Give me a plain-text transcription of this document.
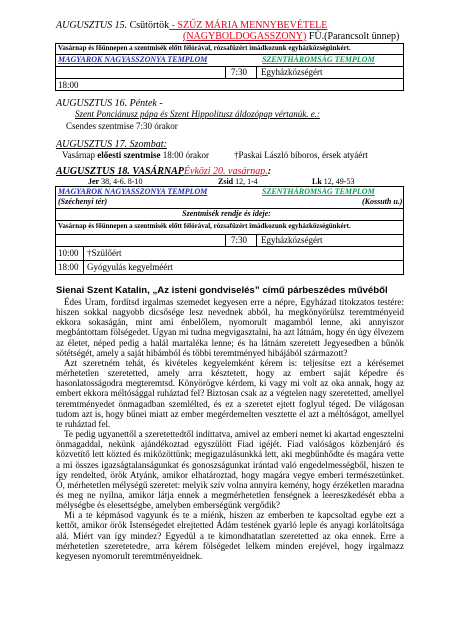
AUGUSZTUS 15. Csütörtök - SZŰZ MÁRIA MENNYBEVÉTELE
(NAGYBOLDOGASSZONY) FÜ.(Parancsolt ünnep)
Vasárnap és főünnepen a szentmisék előtt félórával, rózsafüzért imádkozunk egyházközségünkért.
MAGYAROK NAGYASSZONYA TEMPLOM	SZENTHÁROMSÁG TEMPLOM
7:30 Egyházközségért
18:00
AUGUSZTUS 16. Péntek -
Szent Ponciánusz pápa és Szent Hippolitusz áldozópap vértanúk. e.:
Csendes szentmise 7:30 órakor
AUGUSZTUS 17. Szombat:
Vasárnap előesti szentmise 18:00 órakor	†Paskai László bíboros, érsek atyáért
AUGUSZTUS 18. VASÁRNAPÉvközi 20. vasárnap.:
Jer 38, 4-6. 8-10	Zsid 12, 1-4	Lk 12, 49-53
MAGYAROK NAGYASSZONYA TEMPLOM	SZENTHÁROMSÁG TEMPLOM
(Széchenyi tér)	(Kossuth u.)
Szentmisék rendje és ideje:
Vasárnap és főünnepen a szentmisék előtt félórával, rózsafüzért imádkozunk egyházközségünkért.
7:30 Egyházközségért
10:00 †Szülőért
18:00 Gyógyulás kegyelméért
Sienai Szent Katalin, „Az isteni gondviselés” című párbeszédes művéből

Édes Uram, fordítsd irgalmas szemedet kegyesen erre a népre, Egyházad titokzatos testére: hiszen sokkal nagyobb dicsősége lesz nevednek abból, ha megkönyörülsz teremtményeid ekkora sokaságán, mint ami énbelőlem, nyomorult magamból lenne, aki annyiszor megbántottam fölségedet. Ugyan mi tudna megvigasztalni, ha azt látnám, hogy én úgy élvezem az életet, néped pedig a halál martaléka lenne; és ha látnám szeretett Jegyesedben a bűnök sötétségét, amely a saját hibámból és többi teremtményed hibájából származott?

Azt szeretném tehát, és kivételes kegyelemként kérem is: teljesítse ezt a kérésemet mérhetetlen szeretetted, amely arra késztetett, hogy az embert saját képedre és hasonlatosságodra megteremtsd. Könyörögve kérdem, ki vagy mi volt az oka annak, hogy az embert ekkora méltósággal ruháztad fel? Biztosan csak az a végtelen nagy szeretetted, amellyel teremtményedet önmagadban szemlélted, és ez a szeretet ejtett foglyul téged. De világosan tudom azt is, hogy bűnei miatt az ember megérdemelten vesztette el azt a méltóságot, amellyel te ruháztad fel.

Te pedig ugyanettől a szeretettedtől indíttatva, amivel az emberi nemet ki akartad engesztelni önmagaddal, nekünk ajándékoztad egyszülött Fiad igéjét. Fiad valóságos közbenjáró és közvetítő lett közted és miközöttünk; megigazulásunkká lett, aki megbűnhődte és magára vette a mi összes igazságtalanságunkat és gonoszságunkat irántad való engedelmességből, hiszen te így rendelted, örök Atyánk, amikor elhatároztad, hogy magára vegye emberi természetünket. Ó, mérhetetlen mélységű szeretet: melyik szív volna annyira kemény, hogy érzéketlen maradna és meg ne nyílna, amikor látja ennek a megmérhetetlen fenségnek a leereszkedését ebba a mélységbe és elesettségbe, amelyben emberségünk vergődik?

Mi a te képmásod vagyunk és te a miénk, hiszen az emberben te kapcsoltad egybe ezt a kettőt, amikor örök Istenségedet elrejtetted Ádám testének gyarló leple és anyagi korlátoltsága alá. Miért van így mindez? Egyedül a te kimondhatatlan szeretetted az oka ennek. Erre a mérhetetlen szeretetedre, arra kérem fölségedet lelkem minden erejével, hogy irgalmazz kegyesen nyomorult teremtményeidnek.
